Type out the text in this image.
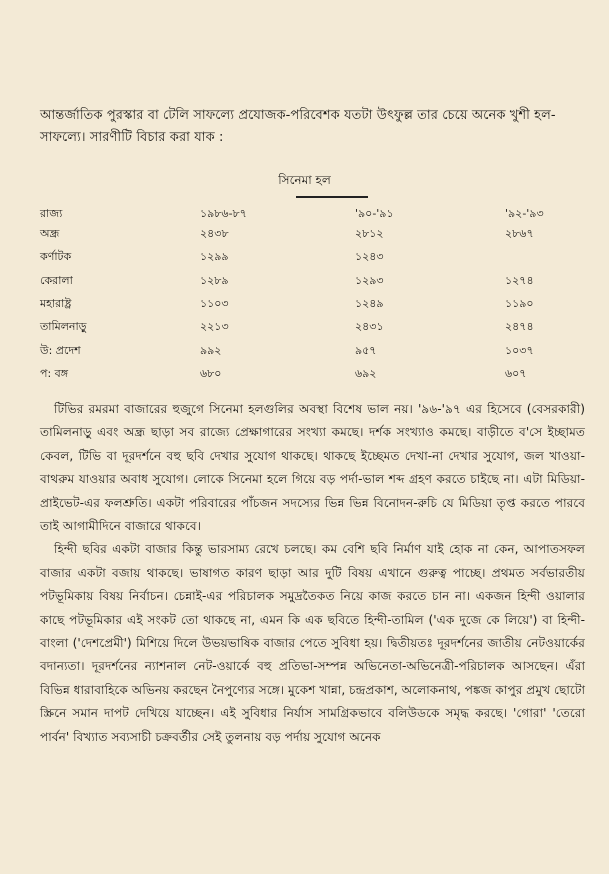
আন্তর্জাতিক পুরস্কার বা টেলি সাফল্যে প্রযোজক-পরিবেশক যতটা উৎফুল্ল তার চেয়ে অনেক খুশী হল-সাফল্যে। সারণীটি বিচার করা যাক :
সিনেমা হল
রাজ্য	১৯৮৬-৮৭	'৯০-'৯১	'৯২-'৯৩
অন্ধ্র	২৪৩৮	২৮১২	২৮৬৭
কর্ণাটক	১২৯৯	১২৪৩
কেরালা	১২৮৯	১২৯৩	১২৭৪
মহারাষ্ট্র	১১০৩	১২৪৯	১১৯০
তামিলনাড়ু	২২১৩	২৪৩১	২৪৭৪
উ: প্রদেশ	৯৯২	৯৫৭	১০৩৭
প: বঙ্গ	৬৮০	৬৯২	৬০৭

টিভির রমরমা বাজারের হুজুগে সিনেমা হলগুলির অবস্থা বিশেষ ভাল নয়। '৯৬-'৯৭ এর হিসেবে (বেসরকারী) তামিলনাড়ু এবং অন্ধ্র ছাড়া সব রাজ্যে প্রেক্ষাগারের সংখ্যা কমছে। দর্শক সংখ্যাও কমছে। বাড়ীতে ব'সে ইচ্ছামত কেবল, টিভি বা দূরদর্শনে বহু ছবি দেখার সুযোগ থাকছে। থাকছে ইচ্ছেমত দেখা-না দেখার সুযোগ, জল খাওয়া-বাথরুম যাওয়ার অবাধ সুযোগ। লোকে সিনেমা হলে গিয়ে বড় পর্দা-ভাল শব্দ গ্রহণ করতে চাইছে না। এটা মিডিয়া-প্রাইভেট-এর ফলশ্রুতি। একটা পরিবারের পাঁচজন সদস্যের ভিন্ন ভিন্ন বিনোদন-রুচি যে মিডিয়া তৃপ্ত করতে পারবে তাই আগামীদিনে বাজারে থাকবে।

হিন্দী ছবির একটা বাজার কিন্তু ভারসাম্য রেখে চলছে। কম বেশি ছবি নির্মাণ যাই হোক না কেন, আপাতসফল বাজার একটা বজায় থাকছে। ভাষাগত কারণ ছাড়া আর দুটি বিষয় এখানে গুরুত্ব পাচ্ছে। প্রথমত সর্বভারতীয় পটভূমিকায় বিষয় নির্বাচন। চেন্নাই-এর পরিচালক সমুদ্রতৈকত নিয়ে কাজ করতে চান না। একজন হিন্দী ওয়ালার কাছে পটভূমিকার এই সংকট তো থাকছে না, এমন কি এক ছবিতে হিন্দী-তামিল ('এক দুজে কে লিয়ে') বা হিন্দী-বাংলা ('দেশপ্রেমী') মিশিয়ে দিলে উভয়ভাষিক বাজার পেতে সুবিধা হয়। দ্বিতীয়তঃ দূরদর্শনের জাতীয় নেটওয়ার্কের বদান্যতা। দূরদর্শনের ন্যাশনাল নেট-ওয়ার্কে বহু প্রতিভা-সম্পন্ন অভিনেতা-অভিনেত্রী-পরিচালক আসছেন। এঁরা বিভিন্ন ধারাবাহিকে অভিনয় করছেন নৈপুণ্যের সঙ্গে। মুকেশ খান্না, চন্দ্রপ্রকাশ, অলোকনাথ, পঙ্কজ কাপুর প্রমুখ ছোটো স্ক্রিনে সমান দাপট দেখিয়ে যাচ্ছেন। এই সুবিধার নির্যাস সামগ্রিকভাবে বলিউডকে সমৃদ্ধ করছে। 'গোরা' 'তেরো পার্বন' বিখ্যাত সব্যসাচী চক্রবর্তীর সেই তুলনায় বড় পর্দায় সুযোগ অনেক
